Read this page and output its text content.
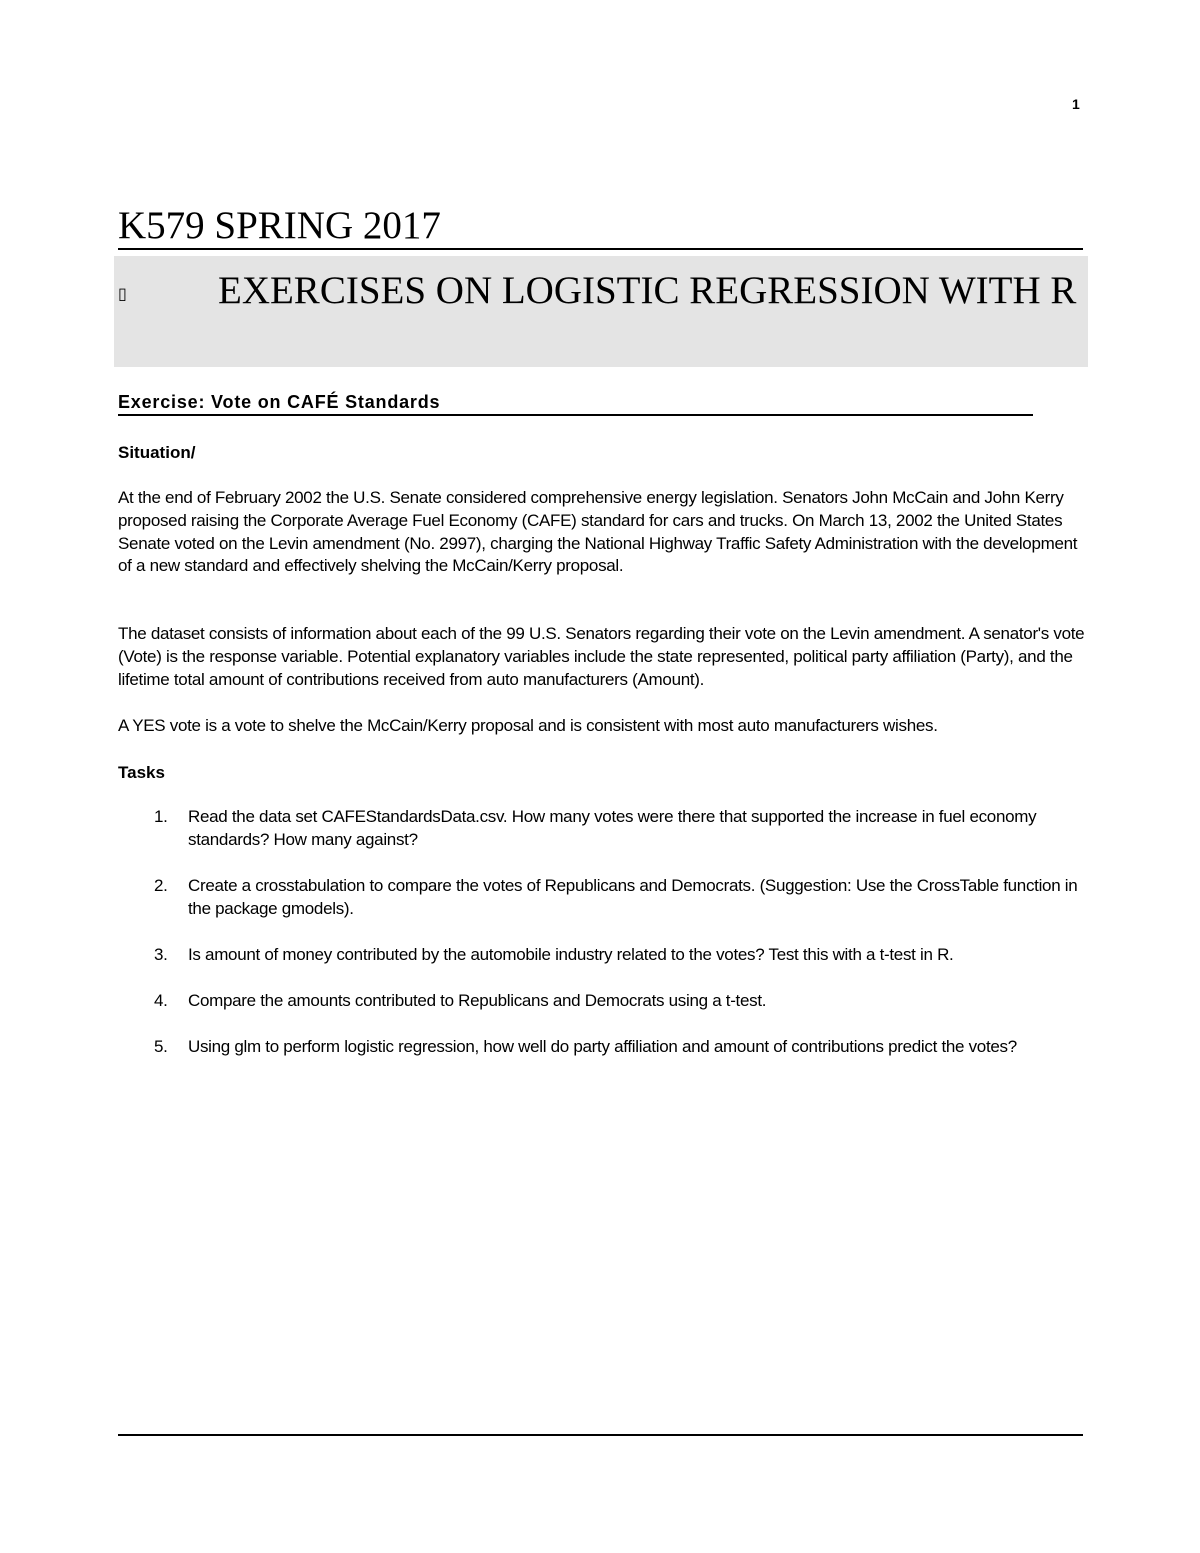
1
K579 SPRING 2017
▯ EXERCISES ON LOGISTIC REGRESSION WITH R
Exercise: Vote on CAFÉ Standards
Situation/

At the end of February 2002 the U.S. Senate considered comprehensive energy legislation. Senators John McCain and John Kerry proposed raising the Corporate Average Fuel Economy (CAFE) standard for cars and trucks. On March 13, 2002 the United States Senate voted on the Levin amendment (No. 2997), charging the National Highway Traffic Safety Administration with the development of a new standard and effectively shelving the McCain/Kerry proposal.

The dataset consists of information about each of the 99 U.S. Senators regarding their vote on the Levin amendment. A senator's vote (Vote) is the response variable. Potential explanatory variables include the state represented, political party affiliation (Party), and the lifetime total amount of contributions received from auto manufacturers (Amount).

A YES vote is a vote to shelve the McCain/Kerry proposal and is consistent with most auto manufacturers wishes.

Tasks
1.	Read the data set CAFEStandardsData.csv. How many votes were there that supported the increase in fuel economy standards? How many against?
2.	Create a crosstabulation to compare the votes of Republicans and Democrats. (Suggestion: Use the CrossTable function in the package gmodels).
3.	Is amount of money contributed by the automobile industry related to the votes? Test this with a t-test in R.
4.	Compare the amounts contributed to Republicans and Democrats using a t-test.
5.	Using glm to perform logistic regression, how well do party affiliation and amount of contributions predict the votes?
